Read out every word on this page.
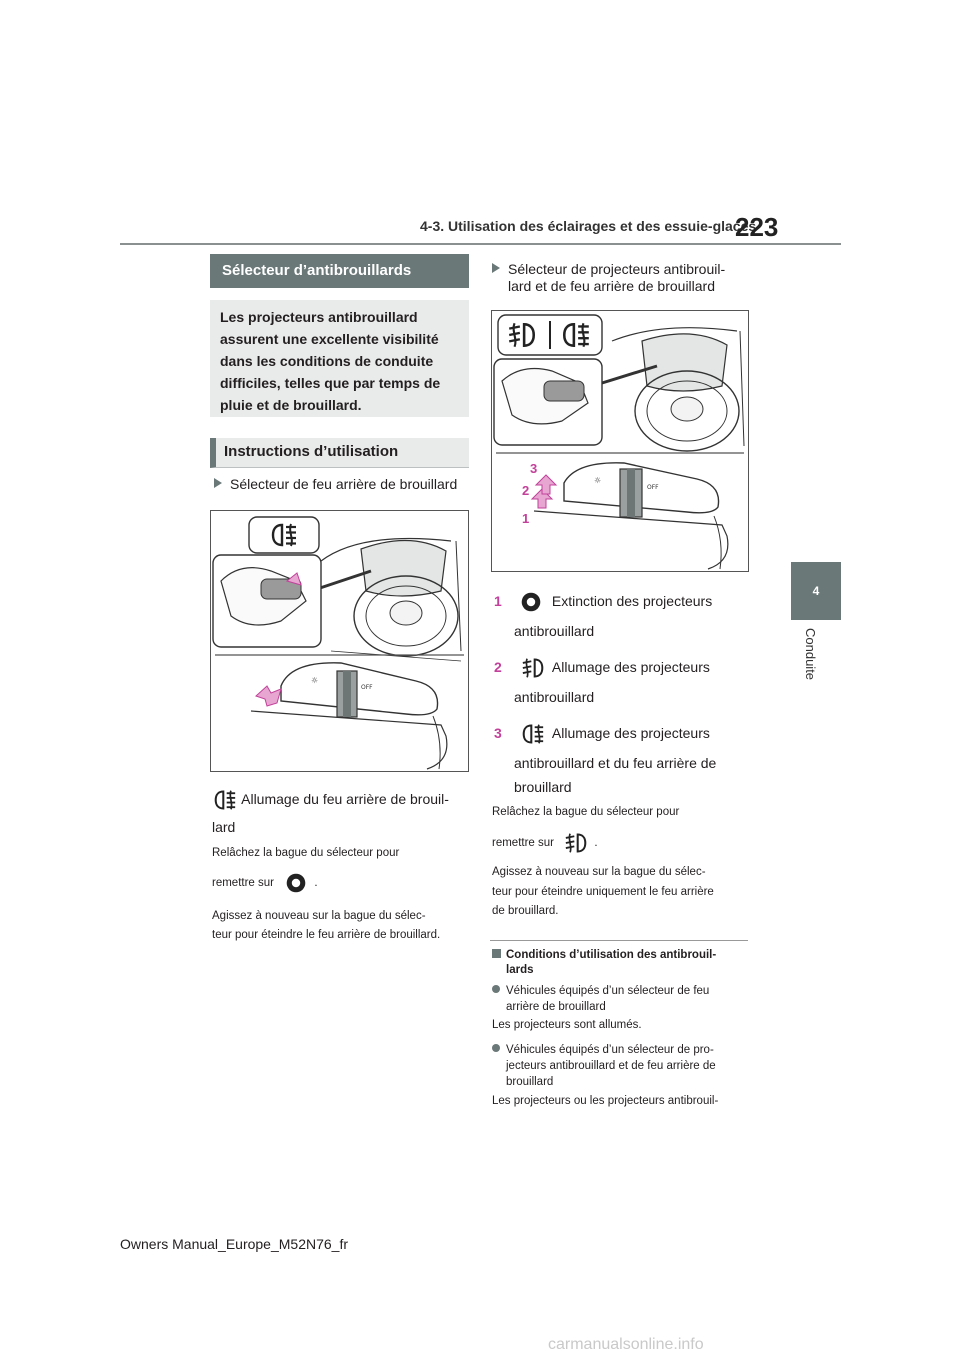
4-3. Utilisation des éclairages et des essuie-glaces
223
4
Conduite
Sélecteur d’antibrouillards
Les projecteurs antibrouillard
assurent une excellente visibilité
dans les conditions de conduite
difficiles, telles que par temps de
pluie et de brouillard.
Instructions d’utilisation
Sélecteur de feu arrière de brouillard
☼
OFF
Allumage du feu arrière de brouil-
lard
Relâchez la bague du sélecteur pour
remettre sur	.
Agissez à nouveau sur la bague du sélec-
teur pour éteindre le feu arrière de brouillard.
Sélecteur de projecteurs antibrouil-
lard et de feu arrière de brouillard
☼
OFF
3
2
1
1	Extinction des projecteurs
antibrouillard
2	Allumage des projecteurs
antibrouillard
3	Allumage des projecteurs
antibrouillard et du feu arrière de
brouillard
Relâchez la bague du sélecteur pour
remettre sur	.
Agissez à nouveau sur la bague du sélec-
teur pour éteindre uniquement le feu arrière
de brouillard.
Conditions d’utilisation des antibrouil-
lards
Véhicules équipés d’un sélecteur de feu
arrière de brouillard
Les projecteurs sont allumés.
Véhicules équipés d’un sélecteur de pro-
jecteurs antibrouillard et de feu arrière de
brouillard
Les projecteurs ou les projecteurs antibrouil-
Owners Manual_Europe_M52N76_fr
carmanualsonline.info
